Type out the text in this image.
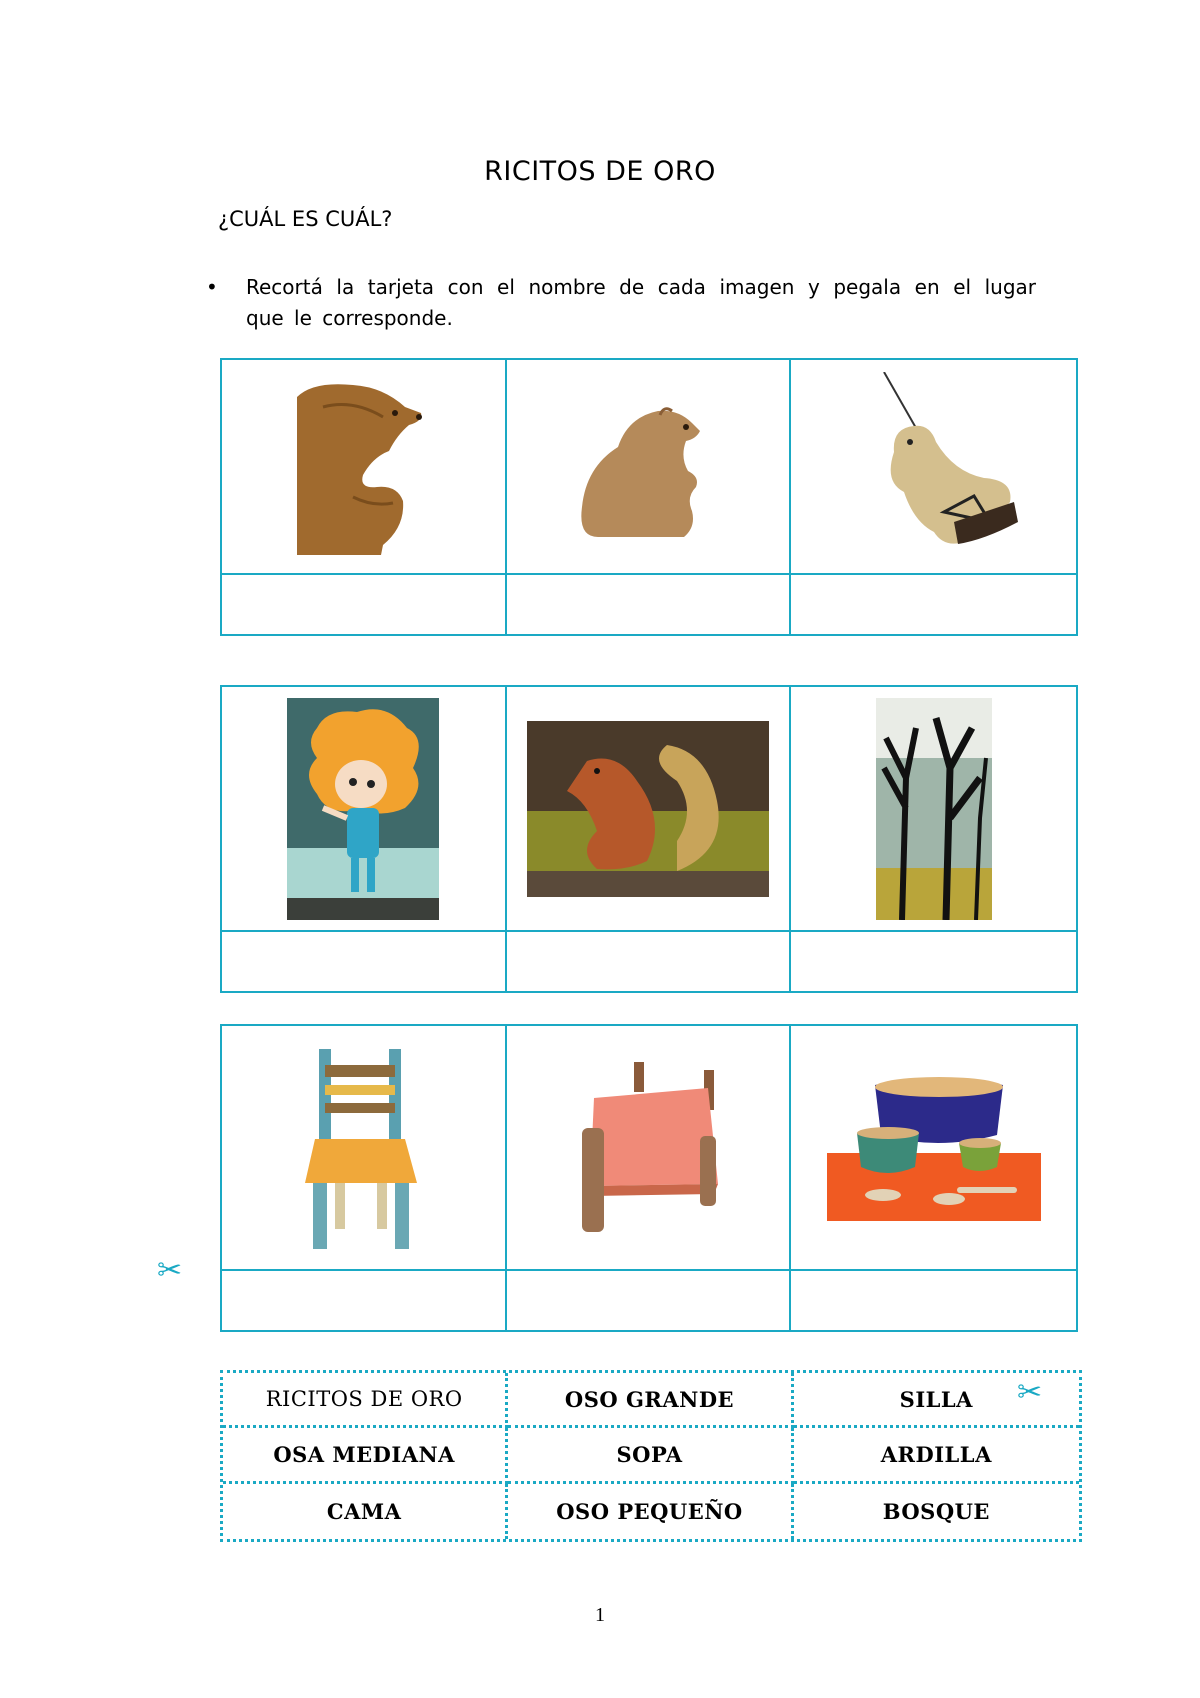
RICITOS DE ORO
¿CUÁL ES CUÁL?
• Recortá la tarjeta con el nombre de cada imagen y pegala en el lugar que le corresponde.
✂
✂
RICITOS DE ORO	OSO GRANDE	SILLA
OSA MEDIANA	SOPA	ARDILLA
CAMA	OSO PEQUEÑO	BOSQUE
1
